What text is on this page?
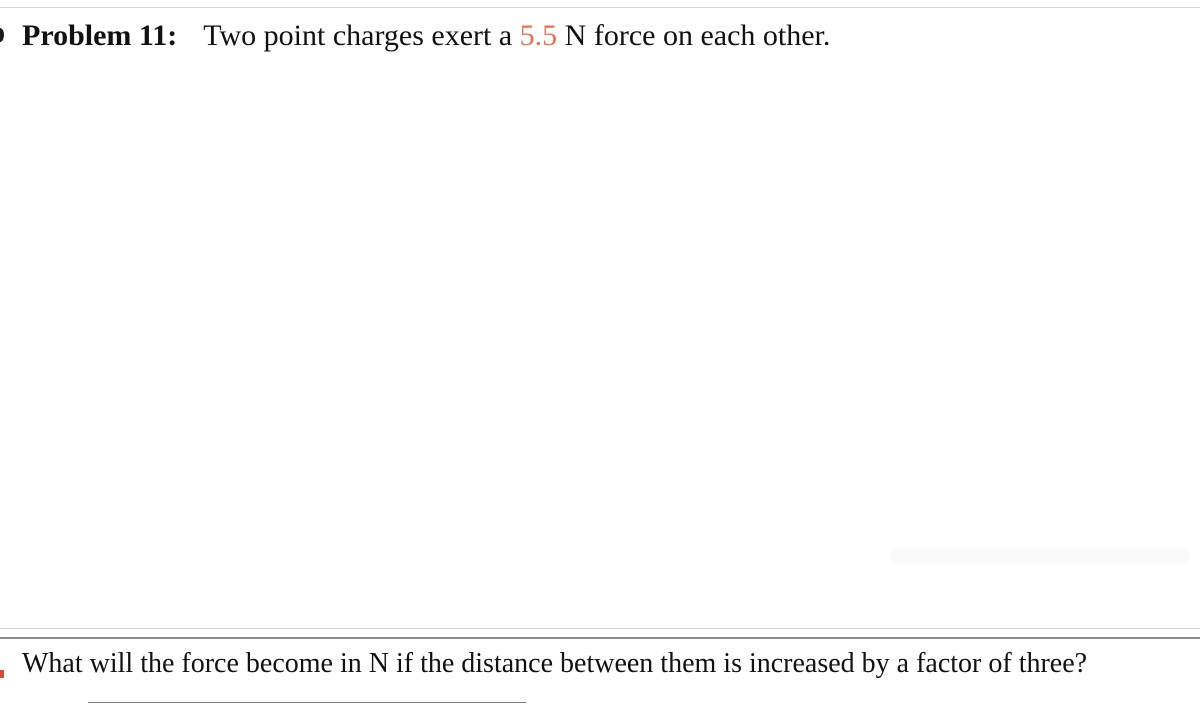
Problem 11: Two point charges exert a 5.5 N force on each other.
What will the force become in N if the distance between them is increased by a factor of three?
